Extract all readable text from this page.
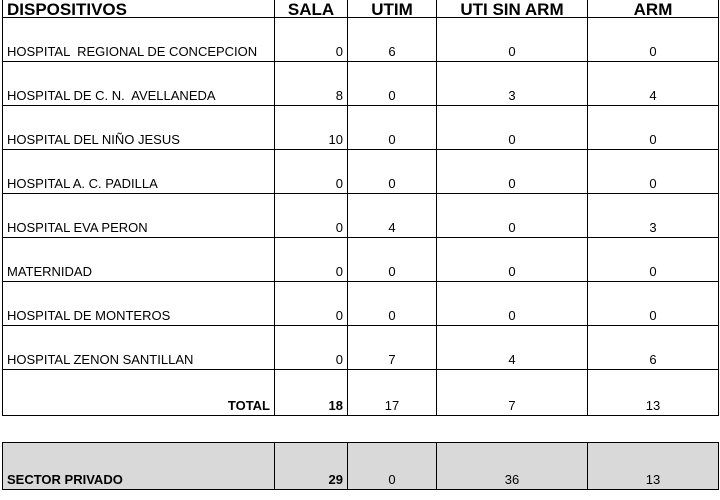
DISPOSITIVOS	SALA	UTIM	UTI SIN ARM	ARM
HOSPITAL  REGIONAL DE CONCEPCION	0	6	0	0
HOSPITAL DE C. N.  AVELLANEDA	8	0	3	4
HOSPITAL DEL NIÑO JESUS	10	0	0	0
HOSPITAL A. C. PADILLA	0	0	0	0
HOSPITAL EVA PERON	0	4	0	3
MATERNIDAD	0	0	0	0
HOSPITAL DE MONTEROS	0	0	0	0
HOSPITAL ZENON SANTILLAN	0	7	4	6
TOTAL	18	17	7	13
SECTOR PRIVADO	29	0	36	13
